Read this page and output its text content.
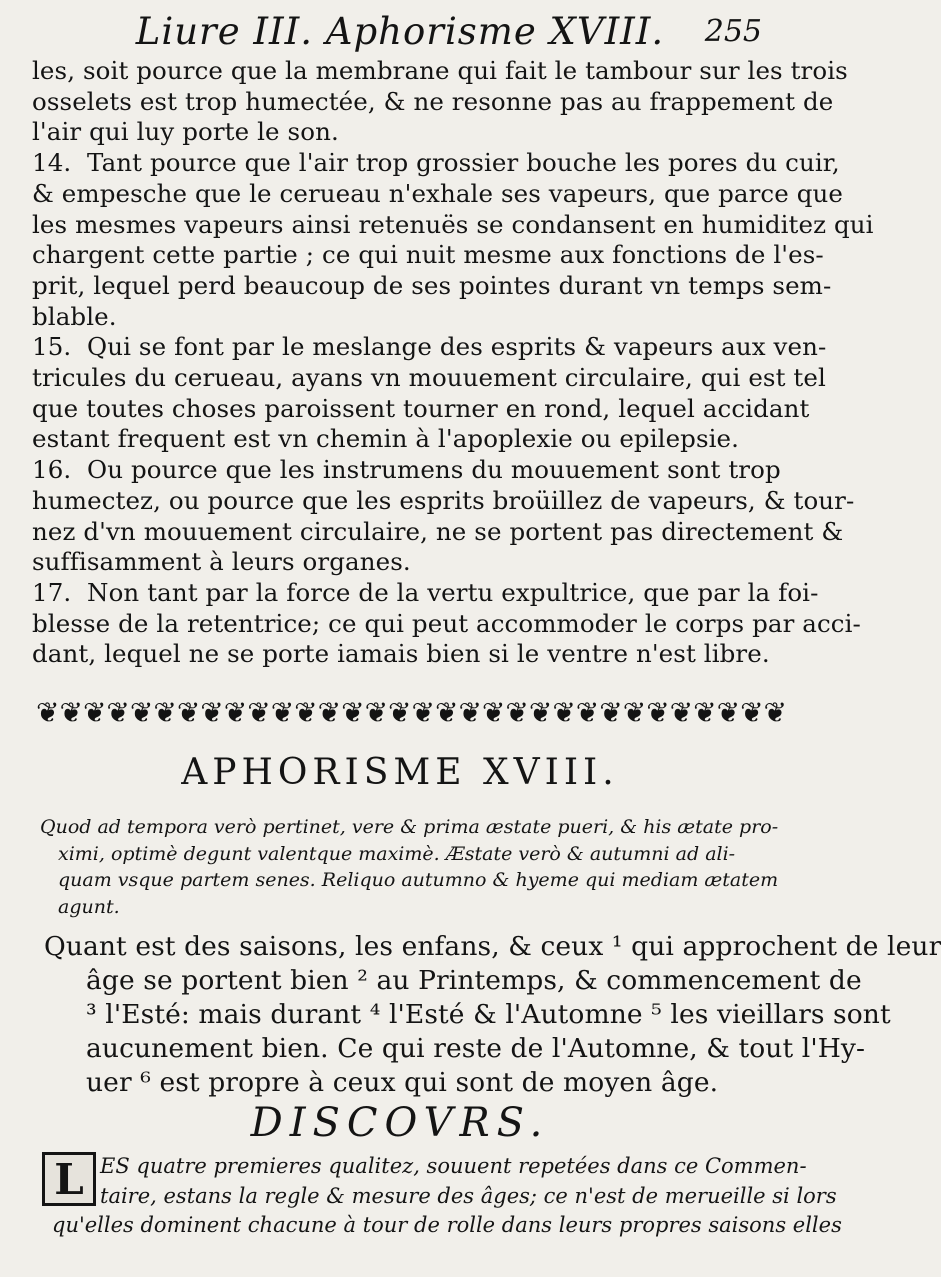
Liure III. Aphorisme XVIII.	255
les, soit pource que la membrane qui fait le tambour sur les trois
osselets est trop humectée, & ne resonne pas au frappement de
l'air qui luy porte le son.
14.  Tant pource que l'air trop grossier bouche les pores du cuir,
& empesche que le cerueau n'exhale ses vapeurs, que parce que
les mesmes vapeurs ainsi retenuës se condansent en humiditez qui
chargent cette partie ; ce qui nuit mesme aux fonctions de l'es-
prit, lequel perd beaucoup de ses pointes durant vn temps sem-
blable.
15.  Qui se font par le meslange des esprits & vapeurs aux ven-
tricules du cerueau, ayans vn mouuement circulaire, qui est tel
que toutes choses paroissent tourner en rond, lequel accidant
estant frequent est vn chemin à l'apoplexie ou epilepsie.
16.  Ou pource que les instrumens du mouuement sont trop
humectez, ou pource que les esprits broüillez de vapeurs, & tour-
nez d'vn mouuement circulaire, ne se portent pas directement &
suffisamment à leurs organes.
17.  Non tant par la force de la vertu expultrice, que par la foi-
blesse de la retentrice; ce qui peut accommoder le corps par acci-
dant, lequel ne se porte iamais bien si le ventre n'est libre.
❦ ❦ ❦ ❦ ❦ ❦ ❦ ❦ ❦ ❦ ❦ ❦ ❦ ❦ ❦ ❦ ❦ ❦ ❦ ❦ ❦ ❦ ❦ ❦ ❦ ❦ ❦ ❦ ❦ ❦ ❦ ❦
APHORISME XVIII.
Quod ad tempora verò pertinet, vere & prima æstate pueri, & his ætate pro-
ximi, optimè degunt valentque maximè. Æstate verò & autumni ad ali-
quam vsque partem senes. Reliquo autumno & hyeme qui mediam ætatem
agunt.
Quant est des saisons, les enfans, & ceux ¹ qui approchent de leur
âge se portent bien ² au Printemps, & commencement de
³ l'Esté: mais durant ⁴ l'Esté & l'Automne ⁵ les vieillars sont
aucunement bien. Ce qui reste de l'Automne, & tout l'Hy-
uer ⁶ est propre à ceux qui sont de moyen âge.
DISCOVRS.
L ES quatre premieres qualitez, souuent repetées dans ce Commen-
taire, estans la regle & mesure des âges; ce n'est de merueille si lors
qu'elles dominent chacune à tour de rolle dans leurs propres saisons elles
